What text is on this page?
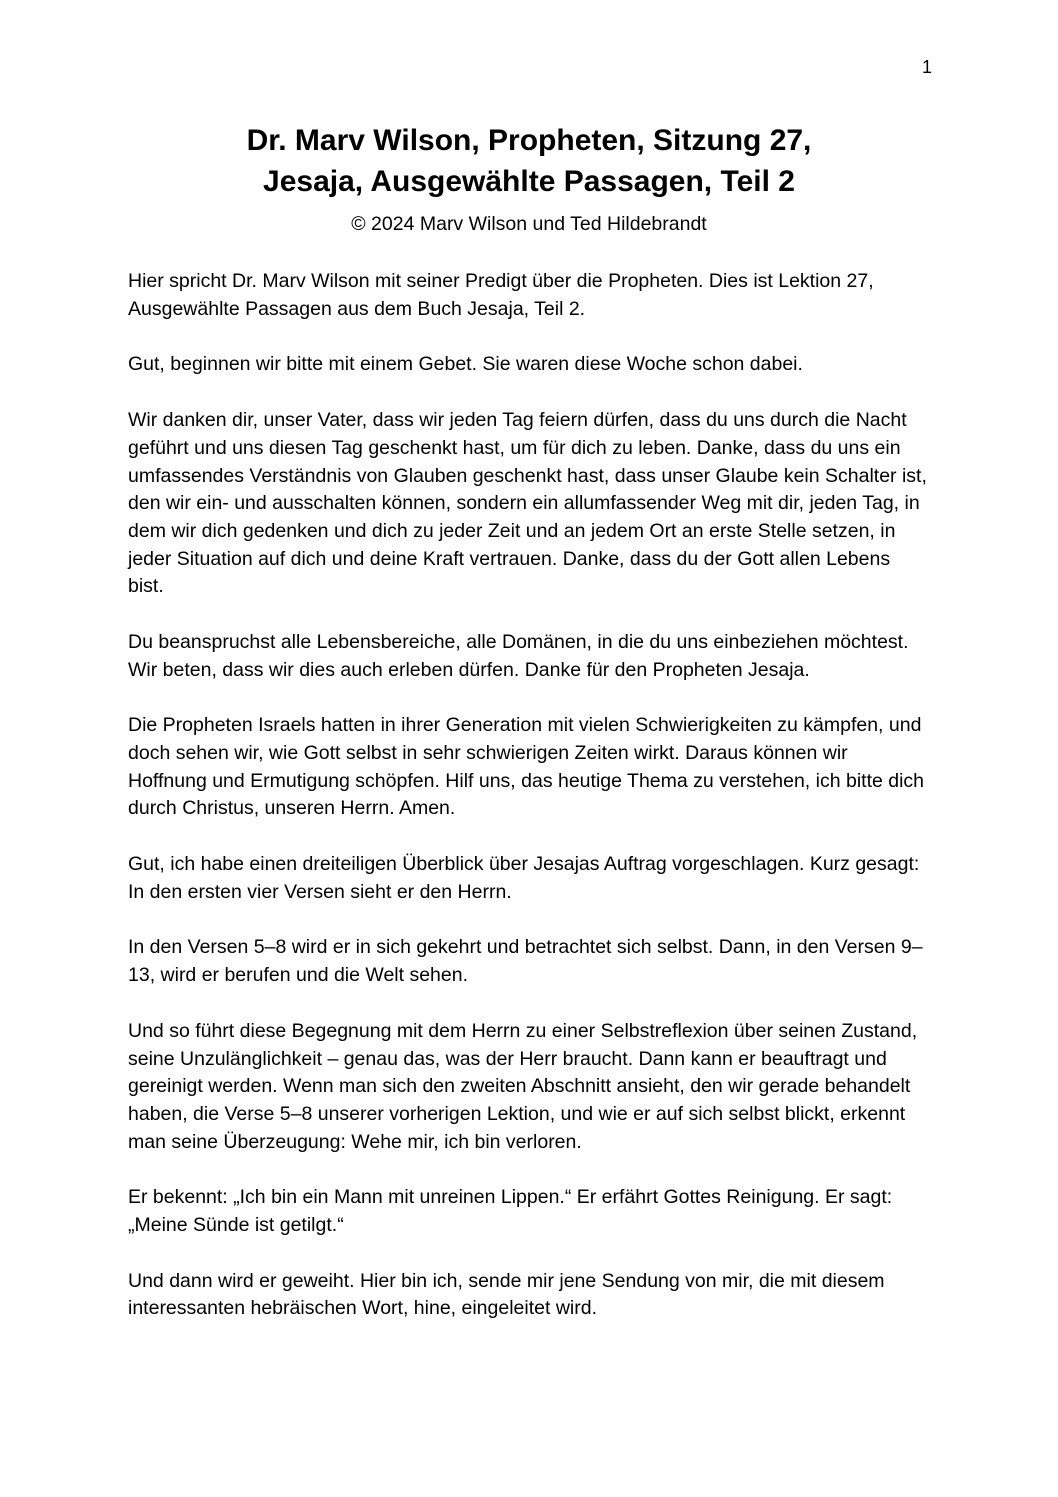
1
Dr. Marv Wilson, Propheten, Sitzung 27,
Jesaja, Ausgewählte Passagen, Teil 2
© 2024 Marv Wilson und Ted Hildebrandt

Hier spricht Dr. Marv Wilson mit seiner Predigt über die Propheten. Dies ist Lektion 27, Ausgewählte Passagen aus dem Buch Jesaja, Teil 2.

Gut, beginnen wir bitte mit einem Gebet. Sie waren diese Woche schon dabei.

Wir danken dir, unser Vater, dass wir jeden Tag feiern dürfen, dass du uns durch die Nacht geführt und uns diesen Tag geschenkt hast, um für dich zu leben. Danke, dass du uns ein umfassendes Verständnis von Glauben geschenkt hast, dass unser Glaube kein Schalter ist, den wir ein- und ausschalten können, sondern ein allumfassender Weg mit dir, jeden Tag, in dem wir dich gedenken und dich zu jeder Zeit und an jedem Ort an erste Stelle setzen, in jeder Situation auf dich und deine Kraft vertrauen. Danke, dass du der Gott allen Lebens bist.

Du beanspruchst alle Lebensbereiche, alle Domänen, in die du uns einbeziehen möchtest. Wir beten, dass wir dies auch erleben dürfen. Danke für den Propheten Jesaja.

Die Propheten Israels hatten in ihrer Generation mit vielen Schwierigkeiten zu kämpfen, und doch sehen wir, wie Gott selbst in sehr schwierigen Zeiten wirkt. Daraus können wir Hoffnung und Ermutigung schöpfen. Hilf uns, das heutige Thema zu verstehen, ich bitte dich durch Christus, unseren Herrn. Amen.

Gut, ich habe einen dreiteiligen Überblick über Jesajas Auftrag vorgeschlagen. Kurz gesagt: In den ersten vier Versen sieht er den Herrn.

In den Versen 5–8 wird er in sich gekehrt und betrachtet sich selbst. Dann, in den Versen 9–13, wird er berufen und die Welt sehen.

Und so führt diese Begegnung mit dem Herrn zu einer Selbstreflexion über seinen Zustand, seine Unzulänglichkeit – genau das, was der Herr braucht. Dann kann er beauftragt und gereinigt werden. Wenn man sich den zweiten Abschnitt ansieht, den wir gerade behandelt haben, die Verse 5–8 unserer vorherigen Lektion, und wie er auf sich selbst blickt, erkennt man seine Überzeugung: Wehe mir, ich bin verloren.

Er bekennt: „Ich bin ein Mann mit unreinen Lippen.“ Er erfährt Gottes Reinigung. Er sagt: „Meine Sünde ist getilgt.“

Und dann wird er geweiht. Hier bin ich, sende mir jene Sendung von mir, die mit diesem interessanten hebräischen Wort, hine, eingeleitet wird.
